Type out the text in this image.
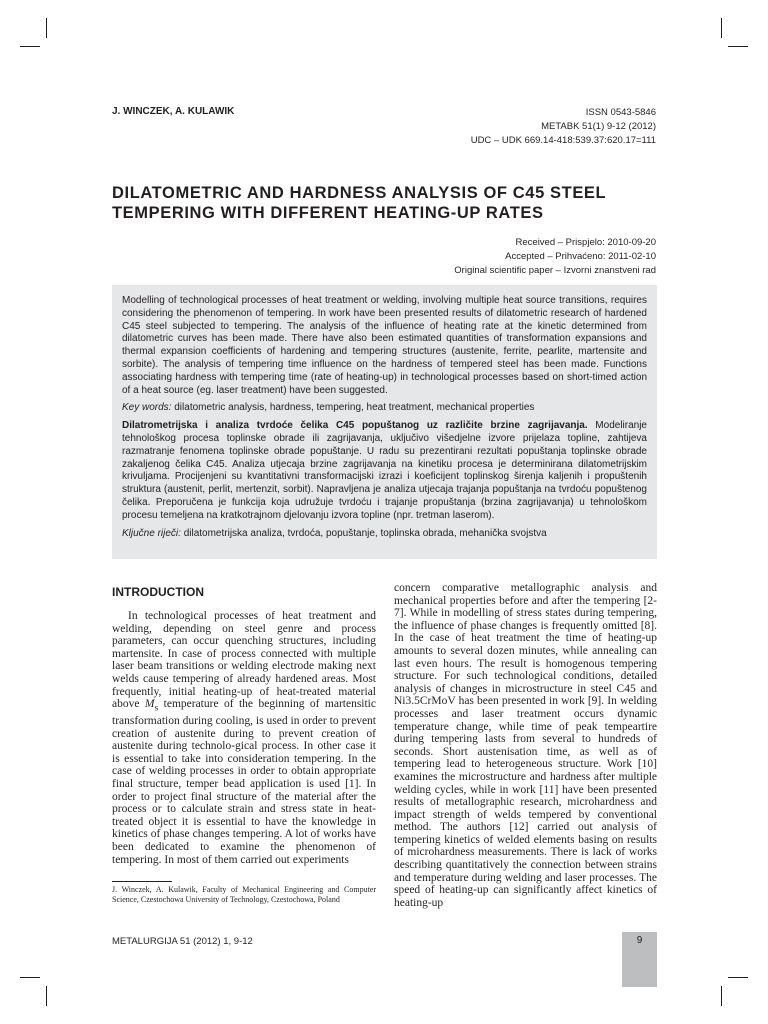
J. WINCZEK, A. KULAWIK	ISSN 0543-5846
METABK 51(1) 9-12 (2012)
UDC – UDK 669.14-418:539.37:620.17=111
DILATOMETRIC AND HARDNESS ANALYSIS OF C45 STEEL
TEMPERING WITH DIFFERENT HEATING-UP RATES
Received – Prispjelo: 2010-09-20
Accepted – Prihvaćeno: 2011-02-10
Original scientific paper – Izvorni znanstveni rad

Modelling of technological processes of heat treatment or welding, involving multiple heat source transitions, requires considering the phenomenon of tempering. In work have been presented results of dilatometric research of hardened C45 steel subjected to tempering. The analysis of the influence of heating rate at the kinetic determined from dilatometric curves has been made. There have also been estimated quantities of transformation expansions and thermal expansion coefficients of hardening and tempering structures (austenite, ferrite, pearlite, martensite and sorbite). The analysis of tempering time influence on the hardness of tempered steel has been made. Functions associating hardness with tempering time (rate of heating-up) in technological processes based on short-timed action of a heat source (eg. laser treatment) have been suggested.

Key words: dilatometric analysis, hardness, tempering, heat treatment, mechanical properties

Dilatrometrijska i analiza tvrdoće čelika C45 popuštanog uz različite brzine zagrijavanja. Modeliranje tehnološkog procesa toplinske obrade ili zagrijavanja, uključivo višedjelne izvore prijelaza topline, zahtijeva razmatranje fenomena toplinske obrade popuštanje. U radu su prezentirani rezultati popuštanja toplinske obrade zakaljenog čelika C45. Analiza utjecaja brzine zagrijavanja na kinetiku procesa je determinirana dilatometrijskim krivuljama. Procijenjeni su kvantitativni transformacijski izrazi i koeficijent toplinskog širenja kaljenih i propuštenih struktura (austenit, perlit, mertenzit, sorbit). Napravljena je analiza utjecaja trajanja popuštanja na tvrdoću popuštenog čelika. Preporučena je funkcija koja udružuje tvrdoću i trajanje propuštanja (brzina zagrijavanja) u tehnološkom procesu temeljena na kratkotrajnom djelovanju izvora topline (npr. tretman laserom).

Ključne riječi: dilatometrijska analiza, tvrdoća, popuštanje, toplinska obrada, mehanička svojstva

INTRODUCTION

In technological processes of heat treatment and welding, depending on steel genre and process parameters, can occur quenching structures, including martensite. In case of process connected with multiple laser beam transitions or welding electrode making next welds cause tempering of already hardened areas. Most frequently, initial heating-up of heat-treated material above $M_s$ temperature of the beginning of martensitic transformation during cooling, is used in order to prevent creation of austenite during to prevent creation of austenite during technolo-gical process. In other case it is essential to take into consideration tempering. In the case of welding processes in order to obtain appropriate final structure, temper bead application is used [1]. In order to project final structure of the material after the process or to calculate strain and stress state in heat-treated object it is essential to have the knowledge in kinetics of phase changes tempering. A lot of works have been dedicated to examine the phenomenon of tempering. In most of them carried out experiments

concern comparative metallographic analysis and mechanical properties before and after the tempering [2-7]. While in modelling of stress states during tempering, the influence of phase changes is frequently omitted [8]. In the case of heat treatment the time of heating-up amounts to several dozen minutes, while annealing can last even hours. The result is homogenous tempering structure. For such technological conditions, detailed analysis of changes in microstructure in steel C45 and Ni3.5CrMoV has been presented in work [9]. In welding processes and laser treatment occurs dynamic temperature change, while time of peak tempeartire during tempering lasts from several to hundreds of seconds. Short austenisation time, as well as of tempering lead to heterogeneous structure. Work [10] examines the microstructure and hardness after multiple welding cycles, while in work [11] have been presented results of metallographic research, microhardness and impact strength of welds tempered by conventional method. The authors [12] carried out analysis of tempering kinetics of welded elements basing on results of microhardness measurements. There is lack of works describing quantitatively the connection between strains and temperature during welding and laser processes. The speed of heating-up can significantly affect kinetics of heating-up

J. Winczek, A. Kulawik, Faculty of Mechanical Engineering and Computer Science, Czestochowa University of Technology, Czestochowa, Poland

METALURGIJA 51 (2012) 1, 9-12	9
